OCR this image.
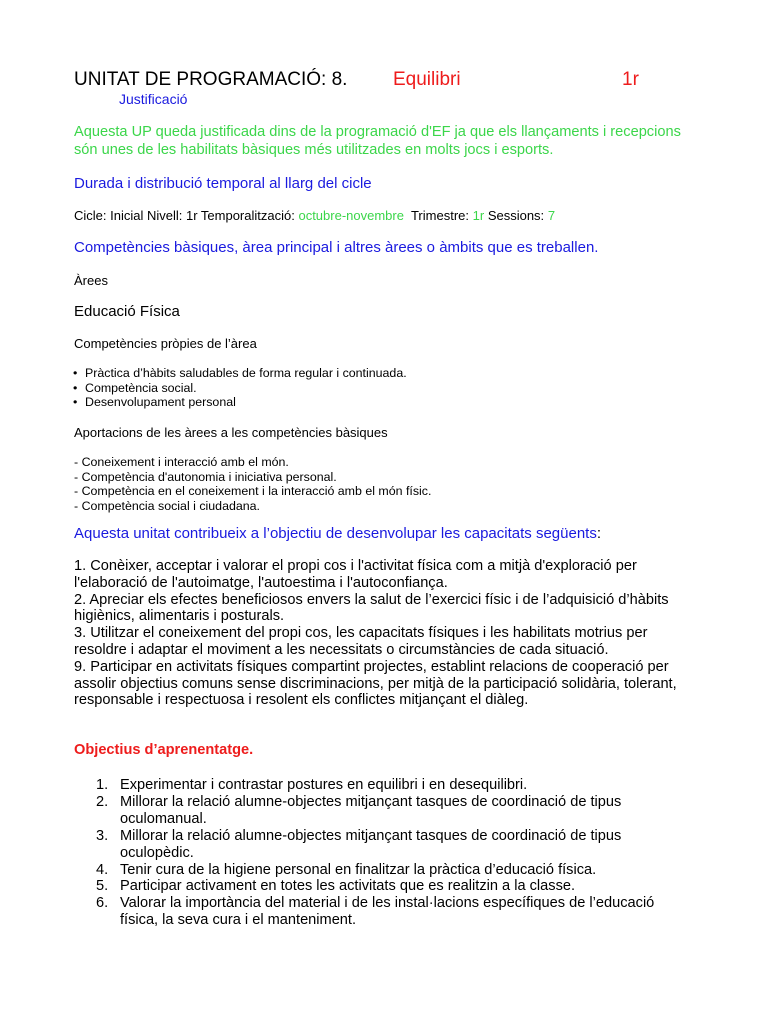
UNITAT DE PROGRAMACIÓ: 8. Equilibri	1r
Justificació
Aquesta UP queda justificada dins de la programació d'EF ja que els llançaments i recepcions són unes de les habilitats bàsiques més utilitzades en molts jocs i esports.
Durada i distribució temporal al llarg del cicle
Cicle: Inicial Nivell: 1r Temporalització: octubre-novembre Trimestre: 1r Sessions: 7
Competències bàsiques, àrea principal i altres àrees o àmbits que es treballen.
Àrees
Educació Física
Competències pròpies de l’àrea
• Pràctica d’hàbits saludables de forma regular i continuada.
• Competència social.
• Desenvolupament personal
Aportacions de les àrees a les competències bàsiques
- Coneixement i interacció amb el món.
- Competència d'autonomia i iniciativa personal.
- Competència en el coneixement i la interacció amb el món físic.
- Competència social i ciudadana.
Aquesta unitat contribueix a l’objectiu de desenvolupar les capacitats següents:

1. Conèixer, acceptar i valorar el propi cos i l'activitat física com a mitjà d'exploració per l'elaboració de l'autoimatge, l'autoestima i l'autoconfiança.

2. Apreciar els efectes beneficiosos envers la salut de l’exercici físic i de l’adquisició d’hàbits higiènics, alimentaris i posturals.

3. Utilitzar el coneixement del propi cos, les capacitats físiques i les habilitats motrius per resoldre i adaptar el moviment a les necessitats o circumstàncies de cada situació.

9. Participar en activitats físiques compartint projectes, establint relacions de cooperació per assolir objectius comuns sense discriminacions, per mitjà de la participació solidària, tolerant, responsable i respectuosa i resolent els conflictes mitjançant el diàleg.

Objectius d’aprenentatge.
1. Experimentar i contrastar postures en equilibri i en desequilibri.
2. Millorar la relació alumne-objectes mitjançant tasques de coordinació de tipus oculomanual.
3. Millorar la relació alumne-objectes mitjançant tasques de coordinació de tipus oculopèdic.
4. Tenir cura de la higiene personal en finalitzar la pràctica d’educació física.
5. Participar activament en totes les activitats que es realitzin a la classe.
6. Valorar la importància del material i de les instal·lacions específiques de l’educació física, la seva cura i el manteniment.
